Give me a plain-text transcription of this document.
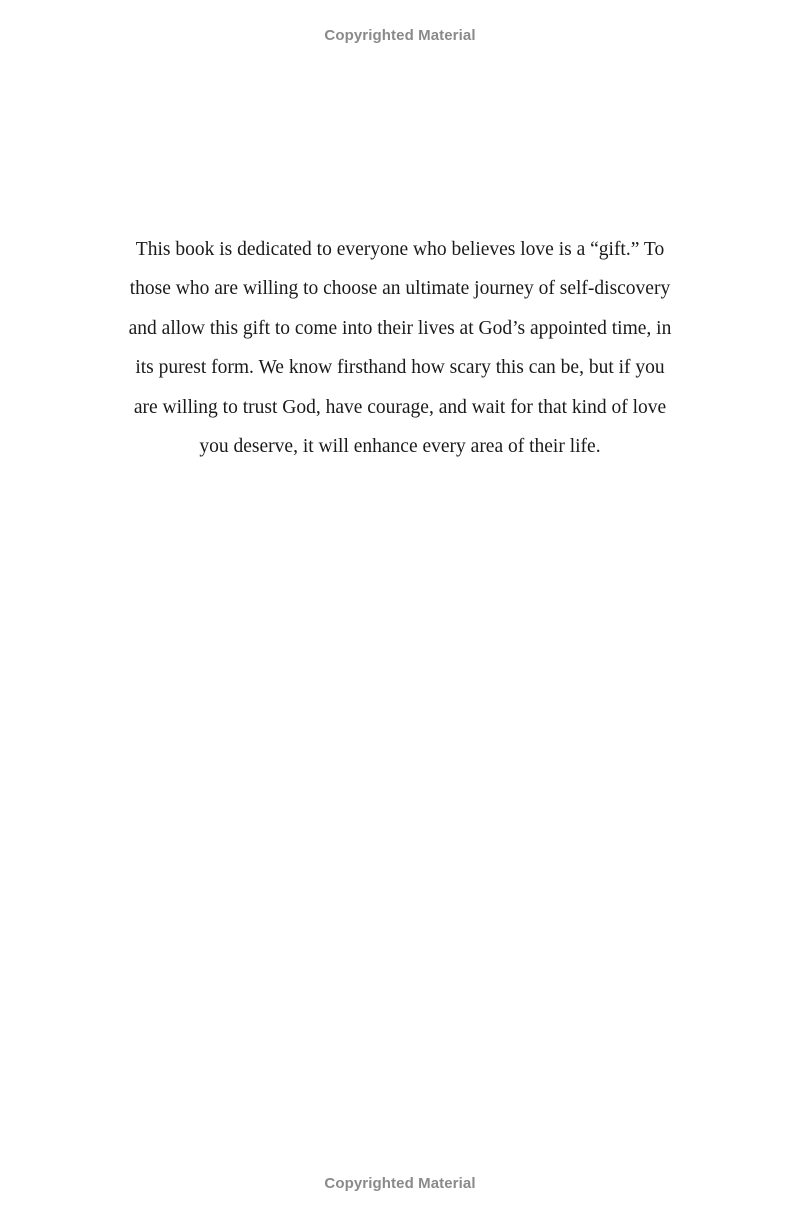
Copyrighted Material

This book is dedicated to everyone who believes love is a “gift.” To
those who are willing to choose an ultimate journey of self-discovery
and allow this gift to come into their lives at God’s appointed time, in
its purest form. We know firsthand how scary this can be, but if you
are willing to trust God, have courage, and wait for that kind of love
you deserve, it will enhance every area of their life.

Copyrighted Material
